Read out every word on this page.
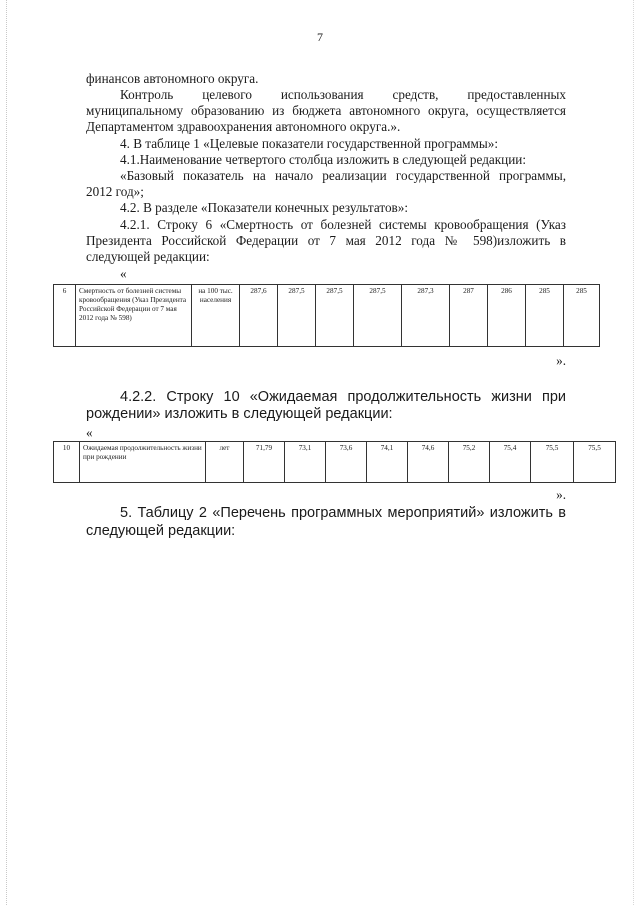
7
финансов автономного округа.
Контроль целевого использования средств, предоставленных
муниципальному образованию из бюджета автономного округа, осуществляется
Департаментом здравоохранения автономного округа.».
4. В таблице 1 «Целевые показатели государственной программы»:
4.1.Наименование четвертого столбца изложить в следующей редакции:
«Базовый показатель на начало реализации государственной программы,
2012 год»;
4.2. В разделе «Показатели конечных результатов»:
4.2.1. Строку 6 «Смертность от болезней системы кровообращения (Указ
Президента Российской Федерации от 7 мая 2012 года № 598)изложить в
следующей редакции:
«
6	Смертность от болезней системы кровообращения (Указ Президента Российской Федерации от 7 мая 2012 года № 598)	на 100 тыс. населения	287,6	287,5	287,5	287,5	287,3	287	286	285	285
».
4.2.2. Строку 10 «Ожидаемая продолжительность жизни при
рождении» изложить в следующей редакции:
«
10	Ожидаемая продолжительность жизни при рождении	лет	71,79	73,1	73,6	74,1	74,6	75,2	75,4	75,5	75,5
».
5. Таблицу 2 «Перечень программных мероприятий» изложить в
следующей редакции:
